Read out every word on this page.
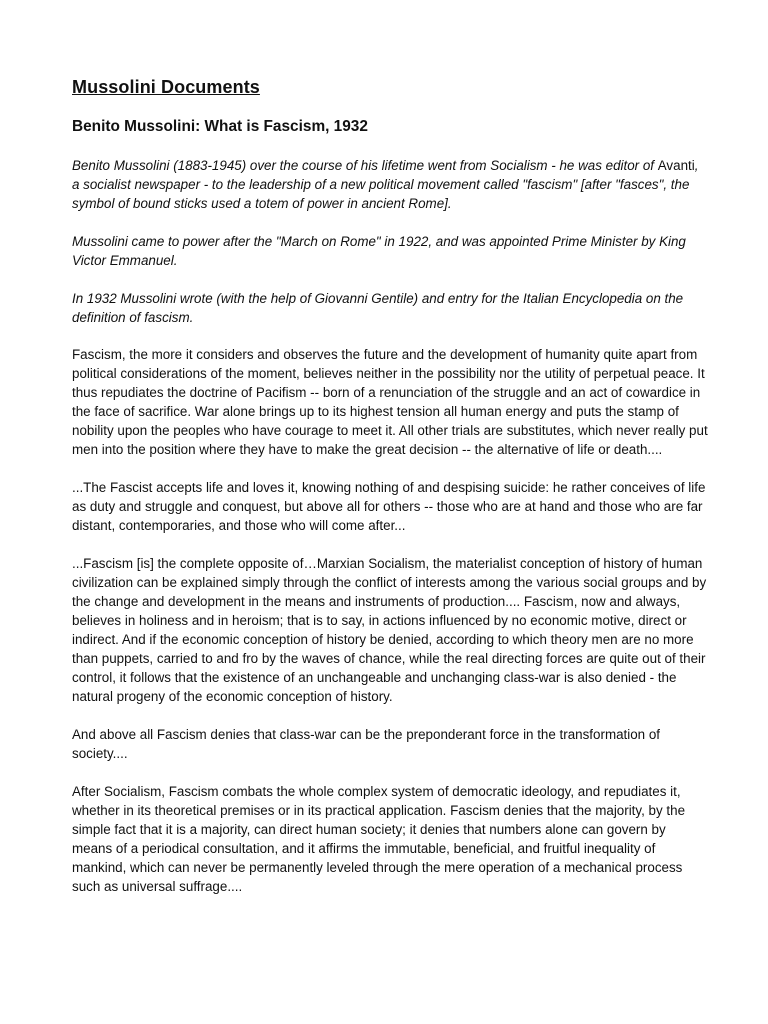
Mussolini Documents
Benito Mussolini: What is Fascism, 1932

Benito Mussolini (1883-1945) over the course of his lifetime went from Socialism - he was editor of Avanti, a socialist newspaper - to the leadership of a new political movement called "fascism" [after "fasces", the symbol of bound sticks used a totem of power in ancient Rome].

Mussolini came to power after the "March on Rome" in 1922, and was appointed Prime Minister by King Victor Emmanuel.

In 1932 Mussolini wrote (with the help of Giovanni Gentile) and entry for the Italian Encyclopedia on the definition of fascism.

Fascism, the more it considers and observes the future and the development of humanity quite apart from political considerations of the moment, believes neither in the possibility nor the utility of perpetual peace. It thus repudiates the doctrine of Pacifism -- born of a renunciation of the struggle and an act of cowardice in the face of sacrifice. War alone brings up to its highest tension all human energy and puts the stamp of nobility upon the peoples who have courage to meet it. All other trials are substitutes, which never really put men into the position where they have to make the great decision -- the alternative of life or death....

...The Fascist accepts life and loves it, knowing nothing of and despising suicide: he rather conceives of life as duty and struggle and conquest, but above all for others -- those who are at hand and those who are far distant, contemporaries, and those who will come after...

...Fascism [is] the complete opposite of…Marxian Socialism, the materialist conception of history of human civilization can be explained simply through the conflict of interests among the various social groups and by the change and development in the means and instruments of production.... Fascism, now and always, believes in holiness and in heroism; that is to say, in actions influenced by no economic motive, direct or indirect. And if the economic conception of history be denied, according to which theory men are no more than puppets, carried to and fro by the waves of chance, while the real directing forces are quite out of their control, it follows that the existence of an unchangeable and unchanging class-war is also denied - the natural progeny of the economic conception of history.

And above all Fascism denies that class-war can be the preponderant force in the transformation of society....

After Socialism, Fascism combats the whole complex system of democratic ideology, and repudiates it, whether in its theoretical premises or in its practical application. Fascism denies that the majority, by the simple fact that it is a majority, can direct human society; it denies that numbers alone can govern by means of a periodical consultation, and it affirms the immutable, beneficial, and fruitful inequality of mankind, which can never be permanently leveled through the mere operation of a mechanical process such as universal suffrage....
